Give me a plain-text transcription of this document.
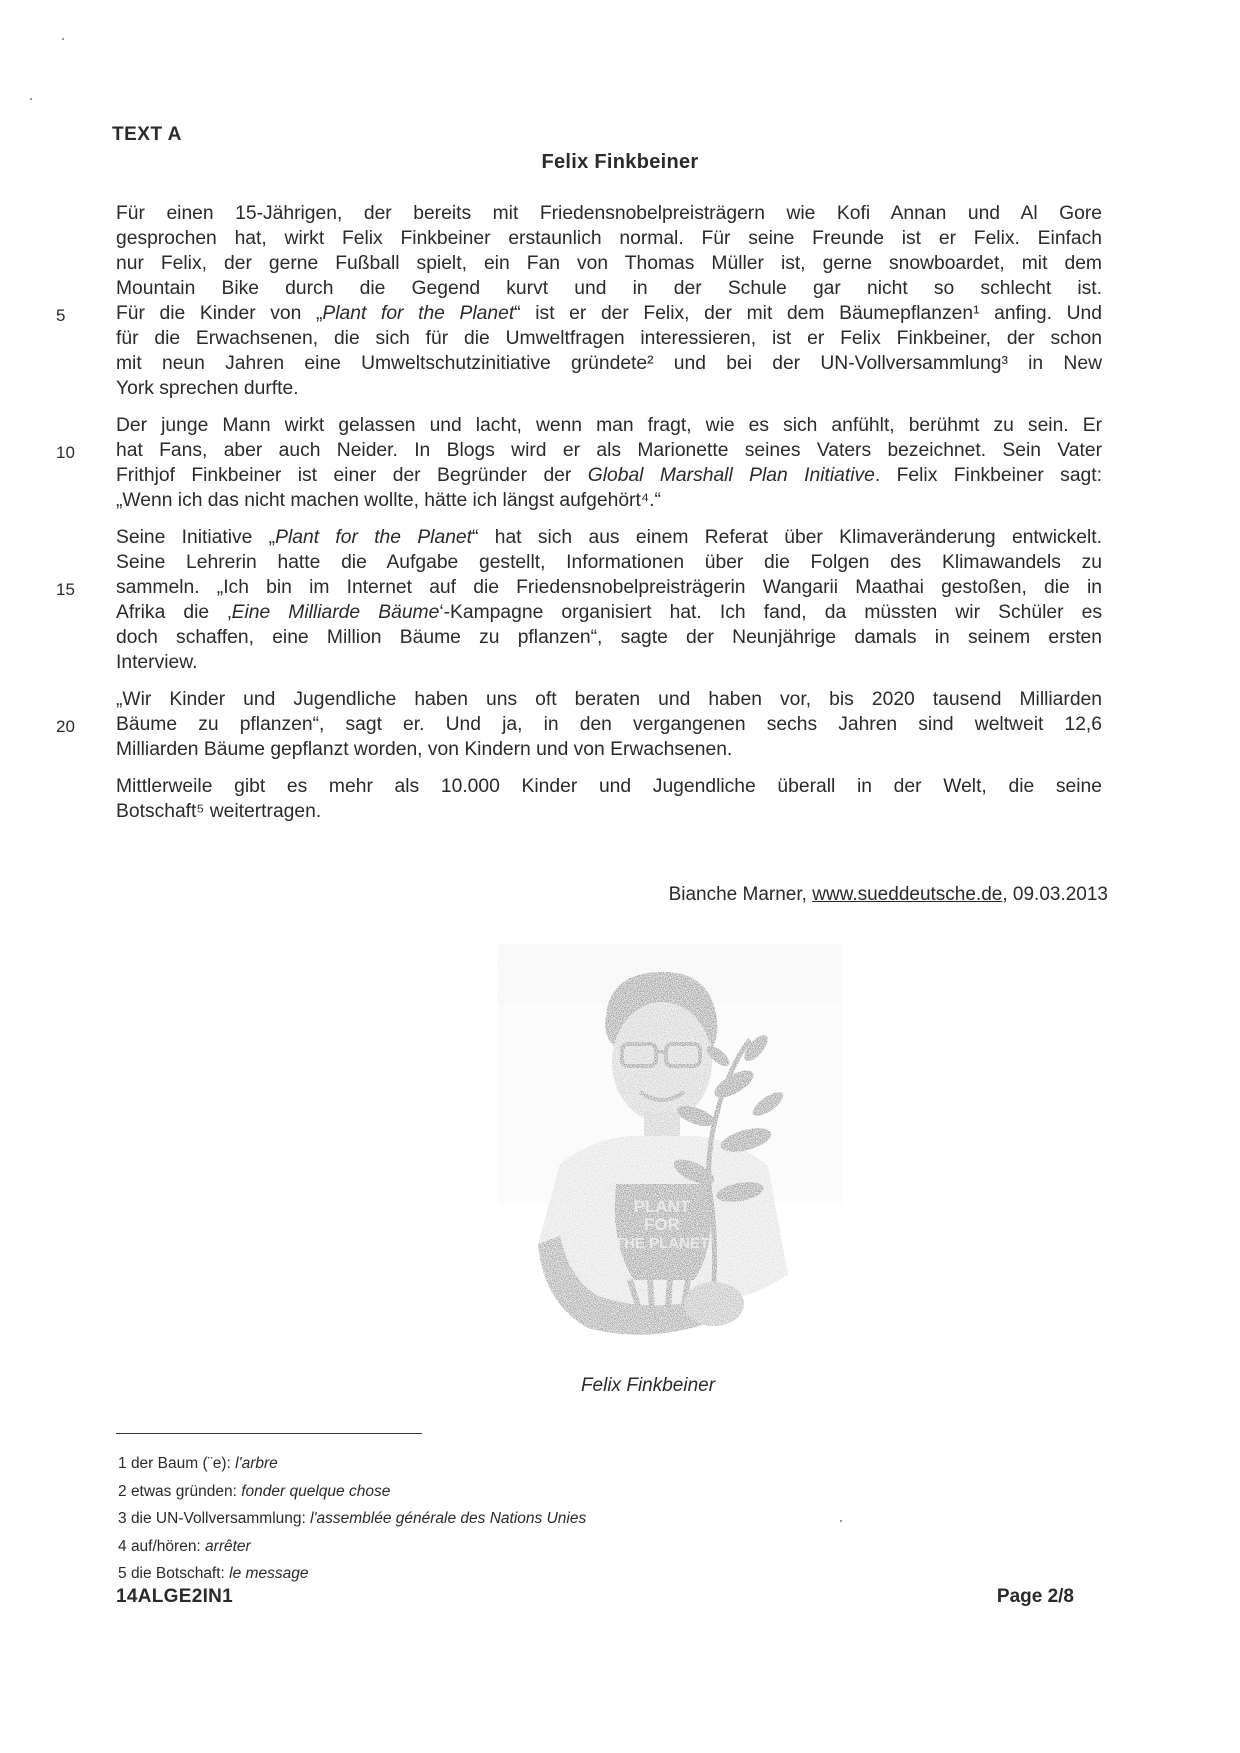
TEXT A
Felix Finkbeiner
Für einen 15-Jährigen, der bereits mit Friedensnobelpreisträgern wie Kofi Annan und Al Gore
gesprochen hat, wirkt Felix Finkbeiner erstaunlich normal. Für seine Freunde ist er Felix. Einfach
nur Felix, der gerne Fußball spielt, ein Fan von Thomas Müller ist, gerne snowboardet, mit dem
Mountain Bike durch die Gegend kurvt und in der Schule gar nicht so schlecht ist.
5	Für die Kinder von „Plant for the Planet“ ist er der Felix, der mit dem Bäumepflanzen¹ anfing. Und
für die Erwachsenen, die sich für die Umweltfragen interessieren, ist er Felix Finkbeiner, der schon
mit neun Jahren eine Umweltschutzinitiative gründete² und bei der UN-Vollversammlung³ in New
York sprechen durfte.
Der junge Mann wirkt gelassen und lacht, wenn man fragt, wie es sich anfühlt, berühmt zu sein. Er
10 hat Fans, aber auch Neider. In Blogs wird er als Marionette seines Vaters bezeichnet. Sein Vater
Frithjof Finkbeiner ist einer der Begründer der Global Marshall Plan Initiative. Felix Finkbeiner sagt:
„Wenn ich das nicht machen wollte, hätte ich längst aufgehört⁴.“
Seine Initiative „Plant for the Planet“ hat sich aus einem Referat über Klimaveränderung entwickelt.
Seine Lehrerin hatte die Aufgabe gestellt, Informationen über die Folgen des Klimawandels zu
15 sammeln. „Ich bin im Internet auf die Friedensnobelpreisträgerin Wangarii Maathai gestoßen, die in
Afrika die ‚Eine Milliarde Bäume‘-Kampagne organisiert hat. Ich fand, da müssten wir Schüler es
doch schaffen, eine Million Bäume zu pflanzen“, sagte der Neunjährige damals in seinem ersten
Interview.
„Wir Kinder und Jugendliche haben uns oft beraten und haben vor, bis 2020 tausend Milliarden
20 Bäume zu pflanzen“, sagt er. Und ja, in den vergangenen sechs Jahren sind weltweit 12,6
Milliarden Bäume gepflanzt worden, von Kindern und von Erwachsenen.
Mittlerweile gibt es mehr als 10.000 Kinder und Jugendliche überall in der Welt, die seine
Botschaft⁵ weitertragen.
Bianche Marner, www.sueddeutsche.de, 09.03.2013
PLANT
FOR
THE PLANET
Felix Finkbeiner
1 der Baum (¨e): l'arbre
2 etwas gründen: fonder quelque chose
3 die UN-Vollversammlung: l'assemblée générale des Nations Unies
4 auf/hören: arrêter
5 die Botschaft: le message
14ALGE2IN1	Page 2/8
